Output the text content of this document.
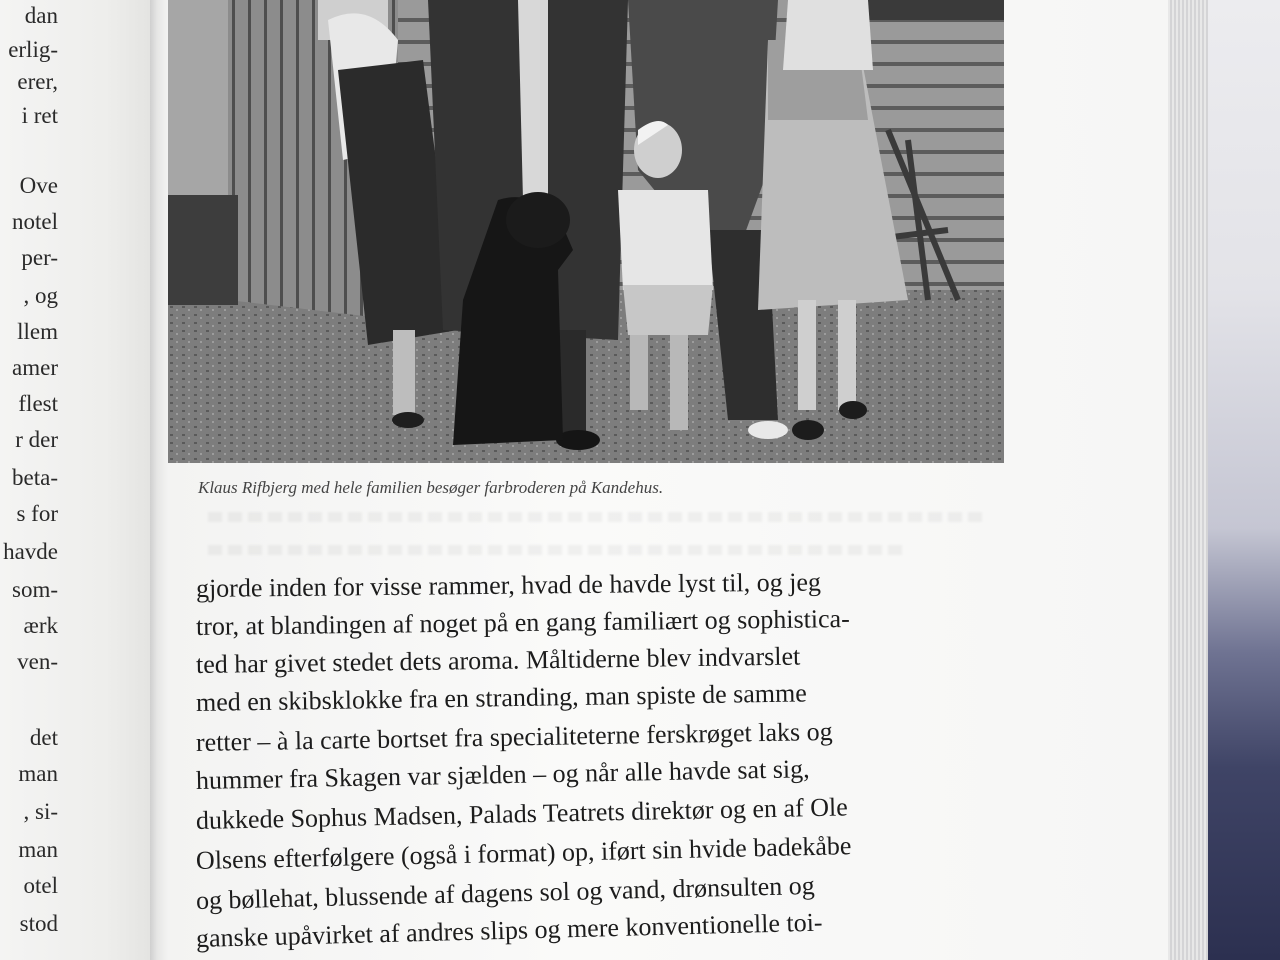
dan
erlig-
erer,
i ret
Ove
notel
per-
, og
llem
amer
flest
r der
beta-
s for
havde
som-
ærk
ven-
det
man
, si-
man
otel
stod
Klaus Rifbjerg med hele familien besøger farbroderen på Kandehus.
gjorde inden for visse rammer, hvad de havde lyst til, og jeg
tror, at blandingen af noget på en gang familiært og sophistica-
ted har givet stedet dets aroma. Måltiderne blev indvarslet
med en skibsklokke fra en stranding, man spiste de samme
retter – à la carte bortset fra specialiteterne ferskrøget laks og
hummer fra Skagen var sjælden – og når alle havde sat sig,
dukkede Sophus Madsen, Palads Teatrets direktør og en af Ole
Olsens efterfølgere (også i format) op, iført sin hvide badekåbe
og bøllehat, blussende af dagens sol og vand, drønsulten og
ganske upåvirket af andres slips og mere konventionelle toi-
